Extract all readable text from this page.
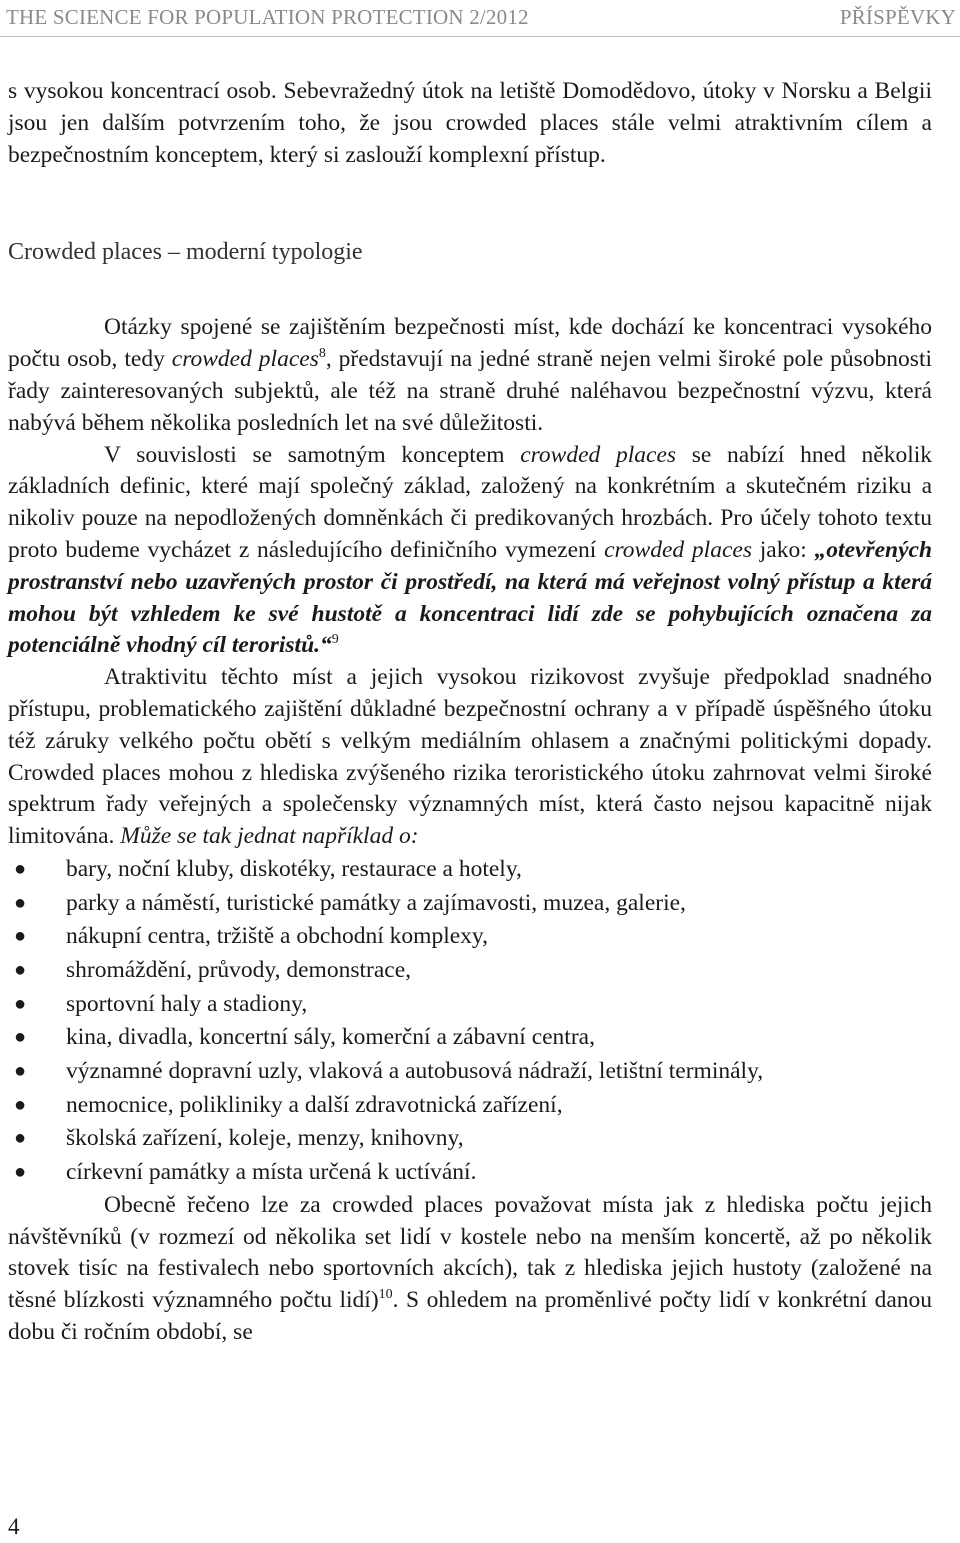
THE SCIENCE FOR POPULATION PROTECTION 2/2012	PŘÍSPĚVKY

s vysokou koncentrací osob. Sebevražedný útok na letiště Domodědovo, útoky v Norsku a Belgii jsou jen dalším potvrzením toho, že jsou crowded places stále velmi atraktivním cílem a bezpečnostním konceptem, který si zaslouží komplexní přístup.

Crowded places – moderní typologie

Otázky spojené se zajištěním bezpečnosti míst, kde dochází ke koncentraci vysokého počtu osob, tedy crowded places$^8$, představují na jedné straně nejen velmi široké pole působnosti řady zainteresovaných subjektů, ale též na straně druhé naléhavou bezpečnostní výzvu, která nabývá během několika posledních let na své důležitosti.

V souvislosti se samotným konceptem crowded places se nabízí hned několik základních definic, které mají společný základ, založený na konkrétním a skutečném riziku a nikoliv pouze na nepodložených domněnkách či predikovaných hrozbách. Pro účely tohoto textu proto budeme vycházet z následujícího definičního vymezení crowded places jako: „otevřených prostranství nebo uzavřených prostor či prostředí, na která má veřejnost volný přístup a která mohou být vzhledem ke své hustotě a koncentraci lidí zde se pohybujících označena za potenciálně vhodný cíl teroristů.“$^9$

Atraktivitu těchto míst a jejich vysokou rizikovost zvyšuje předpoklad snadného přístupu, problematického zajištění důkladné bezpečnostní ochrany a v případě úspěšného útoku též záruky velkého počtu obětí s velkým mediálním ohlasem a značnými politickými dopady. Crowded places mohou z hlediska zvýšeného rizika teroristického útoku zahrnovat velmi široké spektrum řady veřejných a společensky významných míst, která často nejsou kapacitně nijak limitována. Může se tak jednat například o:

● bary, noční kluby, diskotéky, restaurace a hotely,
● parky a náměstí, turistické památky a zajímavosti, muzea, galerie,
● nákupní centra, tržiště a obchodní komplexy,
● shromáždění, průvody, demonstrace,
● sportovní haly a stadiony,
● kina, divadla, koncertní sály, komerční a zábavní centra,
● významné dopravní uzly, vlaková a autobusová nádraží, letištní terminály,
● nemocnice, polikliniky a další zdravotnická zařízení,
● školská zařízení, koleje, menzy, knihovny,
● církevní památky a místa určená k uctívání.

Obecně řečeno lze za crowded places považovat místa jak z hlediska počtu jejich návštěvníků (v rozmezí od několika set lidí v kostele nebo na menším koncertě, až po několik stovek tisíc na festivalech nebo sportovních akcích), tak z hlediska jejich hustoty (založené na těsné blízkosti významného počtu lidí)$^{10}$. S ohledem na proměnlivé počty lidí v konkrétní danou dobu či ročním období, se

4
